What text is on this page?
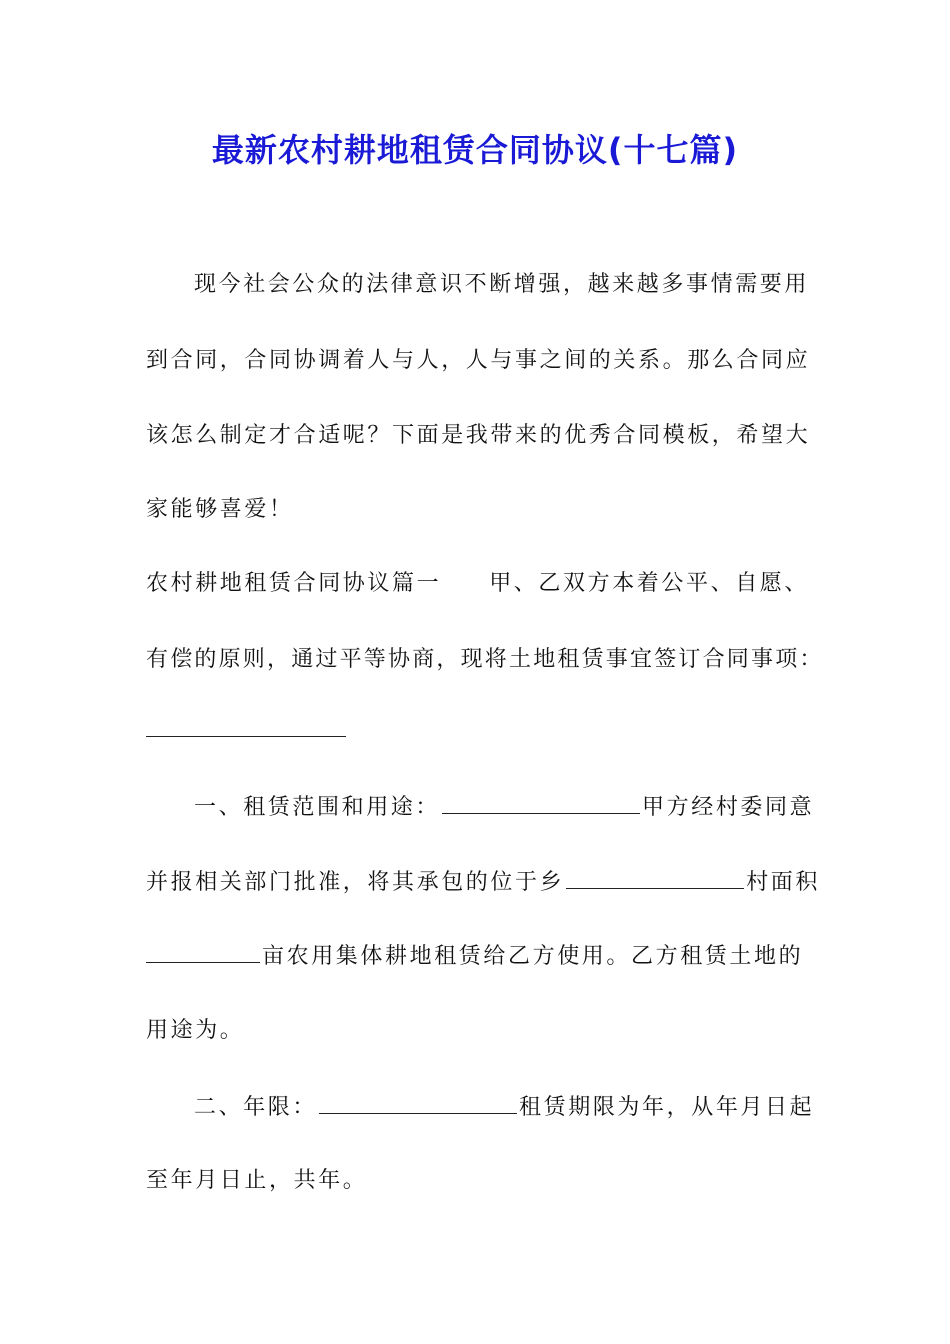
最新农村耕地租赁合同协议(十七篇)
现今社会公众的法律意识不断增强，越来越多事情需要用
到合同，合同协调着人与人，人与事之间的关系。那么合同应
该怎么制定才合适呢？下面是我带来的优秀合同模板，希望大
家能够喜爱！
农村耕地租赁合同协议篇一 甲、乙双方本着公平、自愿、
有偿的原则，通过平等协商，现将土地租赁事宜签订合同事项：
一、租赁范围和用途：	甲方经村委同意
并报相关部门批准，将其承包的位于乡	村面积
亩农用集体耕地租赁给乙方使用。乙方租赁土地的
用途为。
二、年限：	租赁期限为年，从年月日起
至年月日止，共年。
